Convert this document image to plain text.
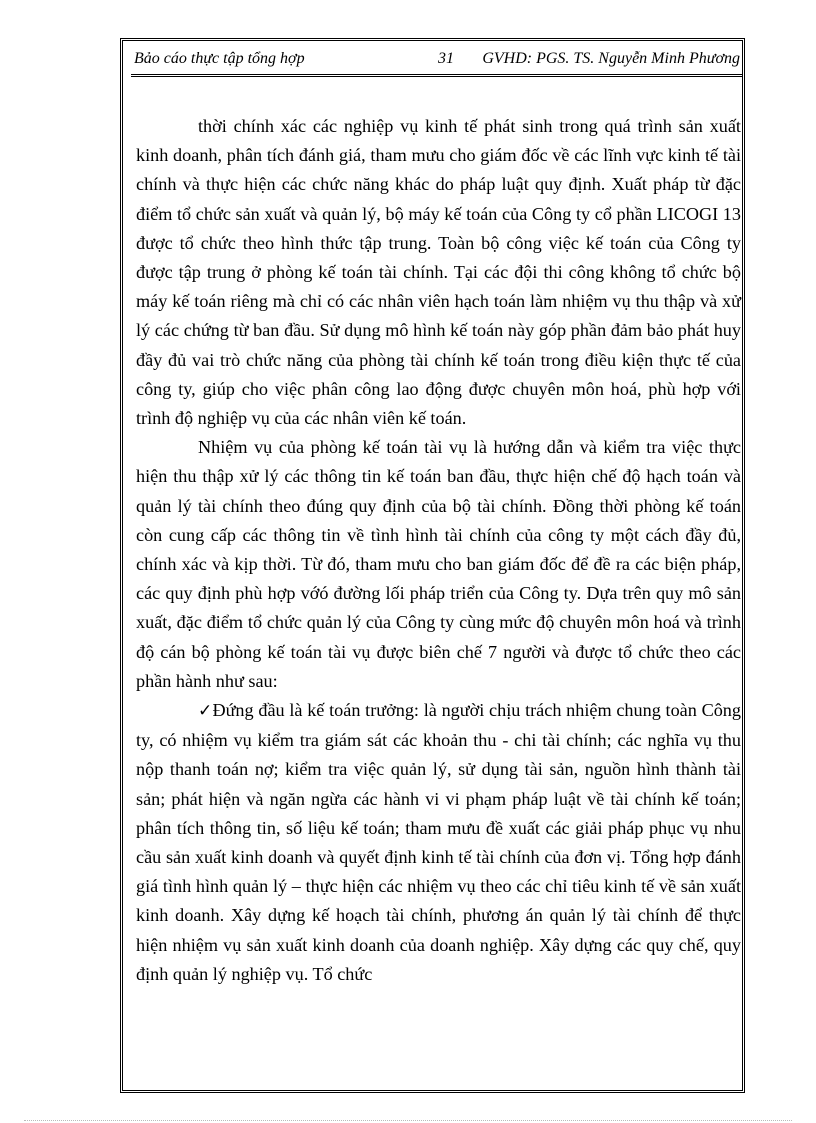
Bảo cáo thực tập tổng hợp	31 GVHD: PGS. TS. Nguyễn Minh Phương

thời chính xác các nghiệp vụ kinh tế phát sinh trong quá trình sản xuất kinh doanh, phân tích đánh giá, tham mưu cho giám đốc về các lĩnh vực kinh tế tài chính và thực hiện các chức năng khác do pháp luật quy định. Xuất pháp từ đặc điểm tổ chức sản xuất và quản lý, bộ máy kế toán của Công ty cổ phần LICOGI 13 được tổ chức theo hình thức tập trung. Toàn bộ công việc kế toán của Công ty được tập trung ở phòng kế toán tài chính. Tại các đội thi công không tổ chức bộ máy kế toán riêng mà chỉ có các nhân viên hạch toán làm nhiệm vụ thu thập và xử lý các chứng từ ban đầu. Sử dụng mô hình kế toán này góp phần đảm bảo phát huy đầy đủ vai trò chức năng của phòng tài chính kế toán trong điều kiện thực tế của công ty, giúp cho việc phân công lao động được chuyên môn hoá, phù hợp với trình độ nghiệp vụ của các nhân viên kế toán.

Nhiệm vụ của phòng kế toán tài vụ là hướng dẫn và kiểm tra việc thực hiện thu thập xử lý các thông tin kế toán ban đầu, thực hiện chế độ hạch toán và quản lý tài chính theo đúng quy định của bộ tài chính. Đồng thời phòng kế toán còn cung cấp các thông tin về tình hình tài chính của công ty một cách đầy đủ, chính xác và kịp thời. Từ đó, tham mưu cho ban giám đốc để đề ra các biện pháp, các quy định phù hợp vớó đường lối pháp triển của Công ty. Dựa trên quy mô sản xuất, đặc điểm tổ chức quản lý của Công ty cùng mức độ chuyên môn hoá và trình độ cán bộ phòng kế toán tài vụ được biên chế 7 người và được tổ chức theo các phần hành như sau:

✓Đứng đầu là kế toán trưởng: là người chịu trách nhiệm chung toàn Công ty, có nhiệm vụ kiểm tra giám sát các khoản thu - chi tài chính; các nghĩa vụ thu nộp thanh toán nợ; kiểm tra việc quản lý, sử dụng tài sản, nguồn hình thành tài sản; phát hiện và ngăn ngừa các hành vi vi phạm pháp luật về tài chính kế toán; phân tích thông tin, số liệu kế toán; tham mưu đề xuất các giải pháp phục vụ nhu cầu sản xuất kinh doanh và quyết định kinh tế tài chính của đơn vị. Tổng hợp đánh giá tình hình quản lý – thực hiện các nhiệm vụ theo các chỉ tiêu kinh tế về sản xuất kinh doanh. Xây dựng kế hoạch tài chính, phương án quản lý tài chính để thực hiện nhiệm vụ sản xuất kinh doanh của doanh nghiệp. Xây dựng các quy chế, quy định quản lý nghiệp vụ. Tổ chức
